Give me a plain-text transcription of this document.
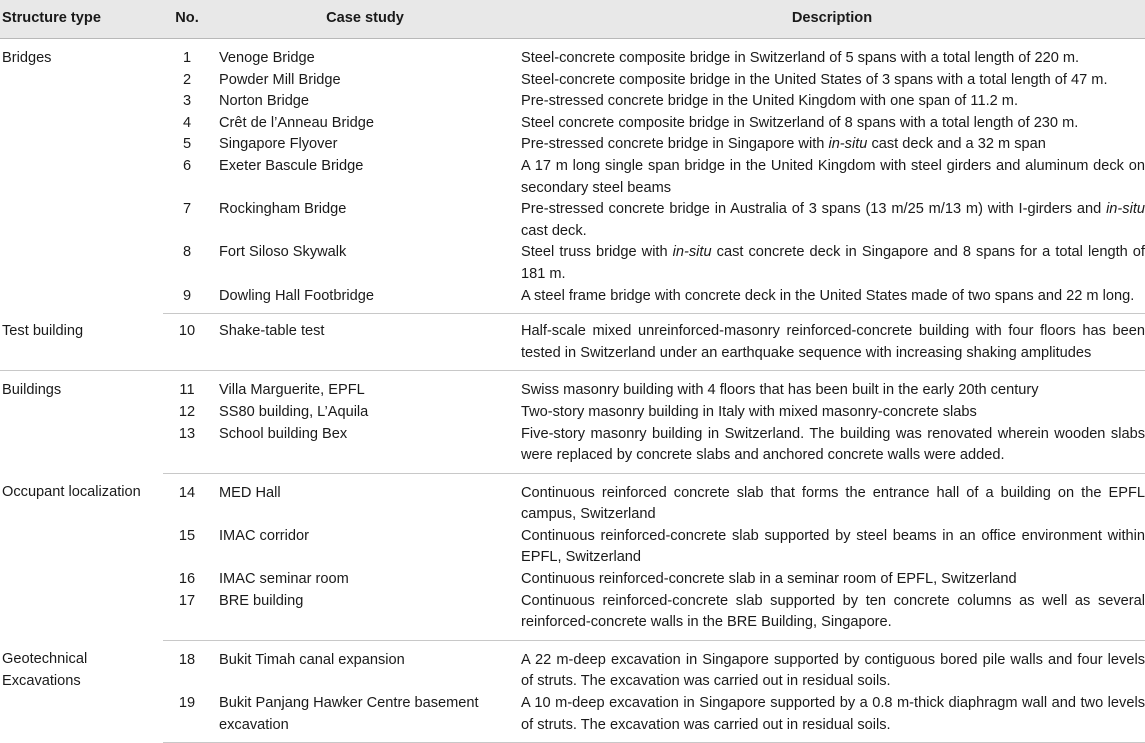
Structure type	No.	Case study	Description
Bridges	1	Venoge Bridge	Steel-concrete composite bridge in Switzerland of 5 spans with a total length of 220 m.
	2	Powder Mill Bridge	Steel-concrete composite bridge in the United States of 3 spans with a total length of 47 m.
	3	Norton Bridge	Pre-stressed concrete bridge in the United Kingdom with one span of 11.2 m.
	4	Crêt de l’Anneau Bridge	Steel concrete composite bridge in Switzerland of 8 spans with a total length of 230 m.
	5	Singapore Flyover	Pre-stressed concrete bridge in Singapore with in-situ cast deck and a 32 m span
	6	Exeter Bascule Bridge	A 17 m long single span bridge in the United Kingdom with steel girders and aluminum deck on secondary steel beams
	7	Rockingham Bridge	Pre-stressed concrete bridge in Australia of 3 spans (13 m/25 m/13 m) with I-girders and in-situ cast deck.
	8	Fort Siloso Skywalk	Steel truss bridge with in-situ cast concrete deck in Singapore and 8 spans for a total length of 181 m.
	9	Dowling Hall Footbridge	A steel frame bridge with concrete deck in the United States made of two spans and 22 m long.
Test building	10	Shake-table test	Half-scale mixed unreinforced-masonry reinforced-concrete building with four floors has been tested in Switzerland under an earthquake sequence with increasing shaking amplitudes
Buildings	11	Villa Marguerite, EPFL	Swiss masonry building with 4 floors that has been built in the early 20th century
	12	SS80 building, L’Aquila	Two-story masonry building in Italy with mixed masonry-concrete slabs
	13	School building Bex	Five-story masonry building in Switzerland. The building was renovated wherein wooden slabs were replaced by concrete slabs and anchored concrete walls were added.
Occupant localization	14	MED Hall	Continuous reinforced concrete slab that forms the entrance hall of a building on the EPFL campus, Switzerland
	15	IMAC corridor	Continuous reinforced-concrete slab supported by steel beams in an office environment within EPFL, Switzerland
	16	IMAC seminar room	Continuous reinforced-concrete slab in a seminar room of EPFL, Switzerland
	17	BRE building	Continuous reinforced-concrete slab supported by ten concrete columns as well as several reinforced-concrete walls in the BRE Building, Singapore.
Geotechnical Excavations	18	Bukit Timah canal expansion	A 22 m-deep excavation in Singapore supported by contiguous bored pile walls and four levels of struts. The excavation was carried out in residual soils.
	19	Bukit Panjang Hawker Centre basement excavation	A 10 m-deep excavation in Singapore supported by a 0.8 m-thick diaphragm wall and two levels of struts. The excavation was carried out in residual soils.
